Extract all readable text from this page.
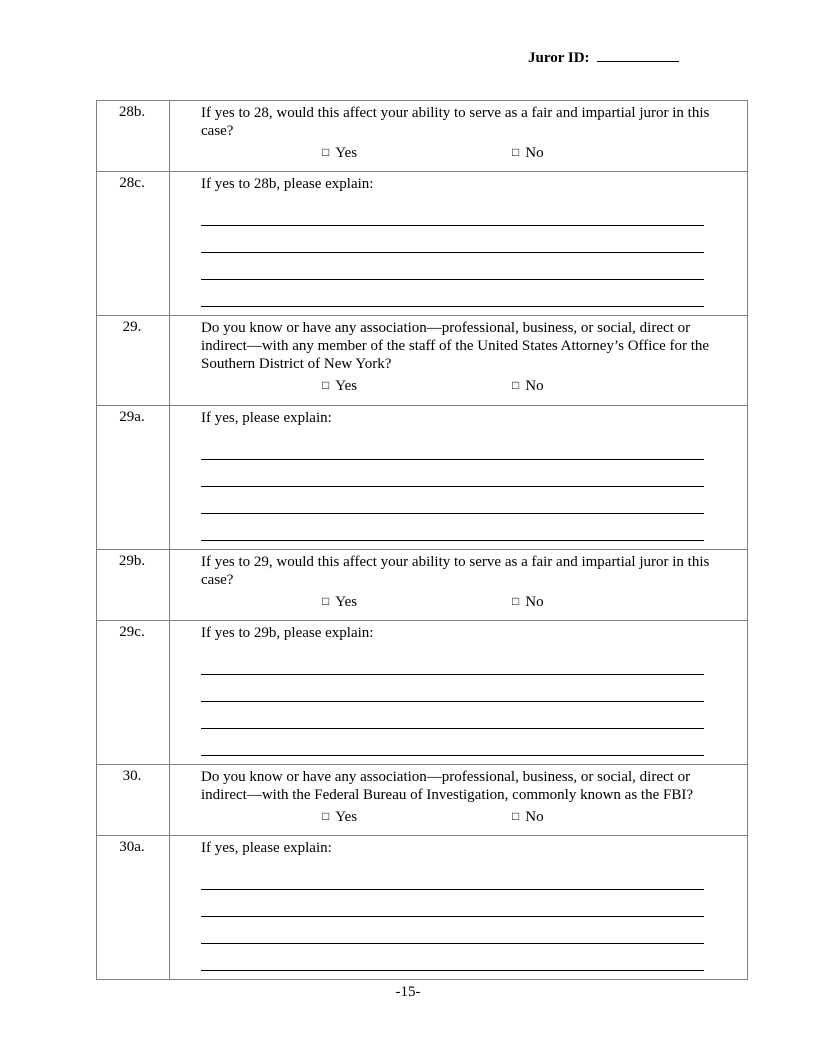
Juror ID:
28b.	If yes to 28, would this affect your ability to serve as a fair and impartial juror in this case?
□ Yes □ No

28c.	If yes to 28b, please explain:

29.	Do you know or have any association—professional, business, or social, direct or indirect—with any member of the staff of the United States Attorney’s Office for the Southern District of New York?
□ Yes □ No

29a.	If yes, please explain:

29b.	If yes to 29, would this affect your ability to serve as a fair and impartial juror in this case?
□ Yes □ No

29c.	If yes to 29b, please explain:

30.	Do you know or have any association—professional, business, or social, direct or indirect—with the Federal Bureau of Investigation, commonly known as the FBI?
□ Yes □ No

30a.	If yes, please explain:
-15-
